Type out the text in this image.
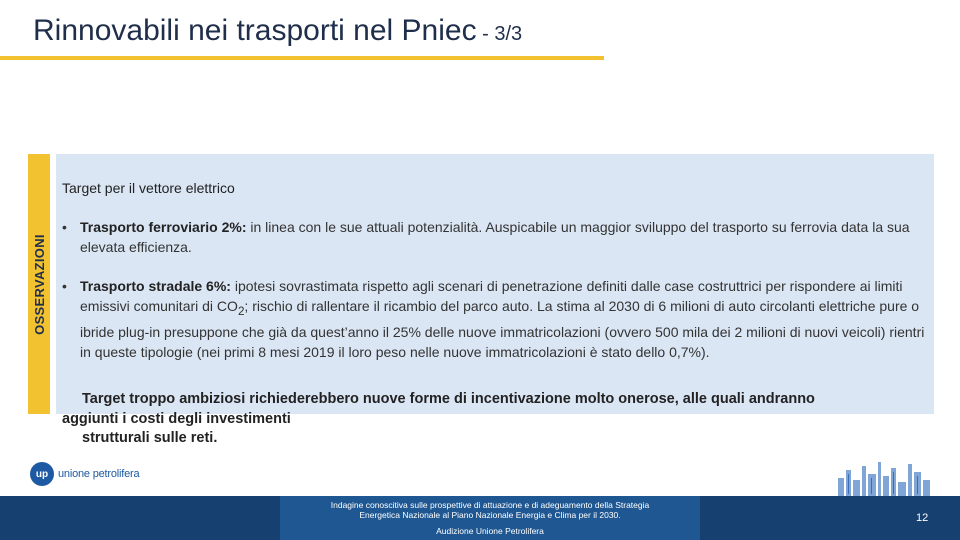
Rinnovabili nei trasporti nel Pniec - 3/3
OSSERVAZIONI
Target per il vettore elettrico
• Trasporto ferroviario 2%: in linea con le sue attuali potenzialità. Auspicabile un maggior sviluppo del trasporto su ferrovia data la sua elevata efficienza.
• Trasporto stradale 6%: ipotesi sovrastimata rispetto agli scenari di penetrazione definiti dalle case costruttrici per rispondere ai limiti emissivi comunitari di $CO_2$; rischio di rallentare il ricambio del parco auto. La stima al 2030 di 6 milioni di auto circolanti elettriche pure o ibride plug-in presuppone che già da quest’anno il 25% delle nuove immatricolazioni (ovvero 500 mila dei 2 milioni di nuovi veicoli) rientri in queste tipologie (nei primi 8 mesi 2019 il loro peso nelle nuove immatricolazioni è stato dello 0,7%).
Target troppo ambiziosi richiederebbero nuove forme di incentivazione molto onerose, alle quali andranno
aggiunti i costi degli investimenti
strutturali sulle reti.
up unione petrolifera
Indagine conoscitiva sulle prospettive di attuazione e di adeguamento della Strategia
Energetica Nazionale al Piano Nazionale Energia e Clima per il 2030.
Audizione Unione Petrolifera
12
